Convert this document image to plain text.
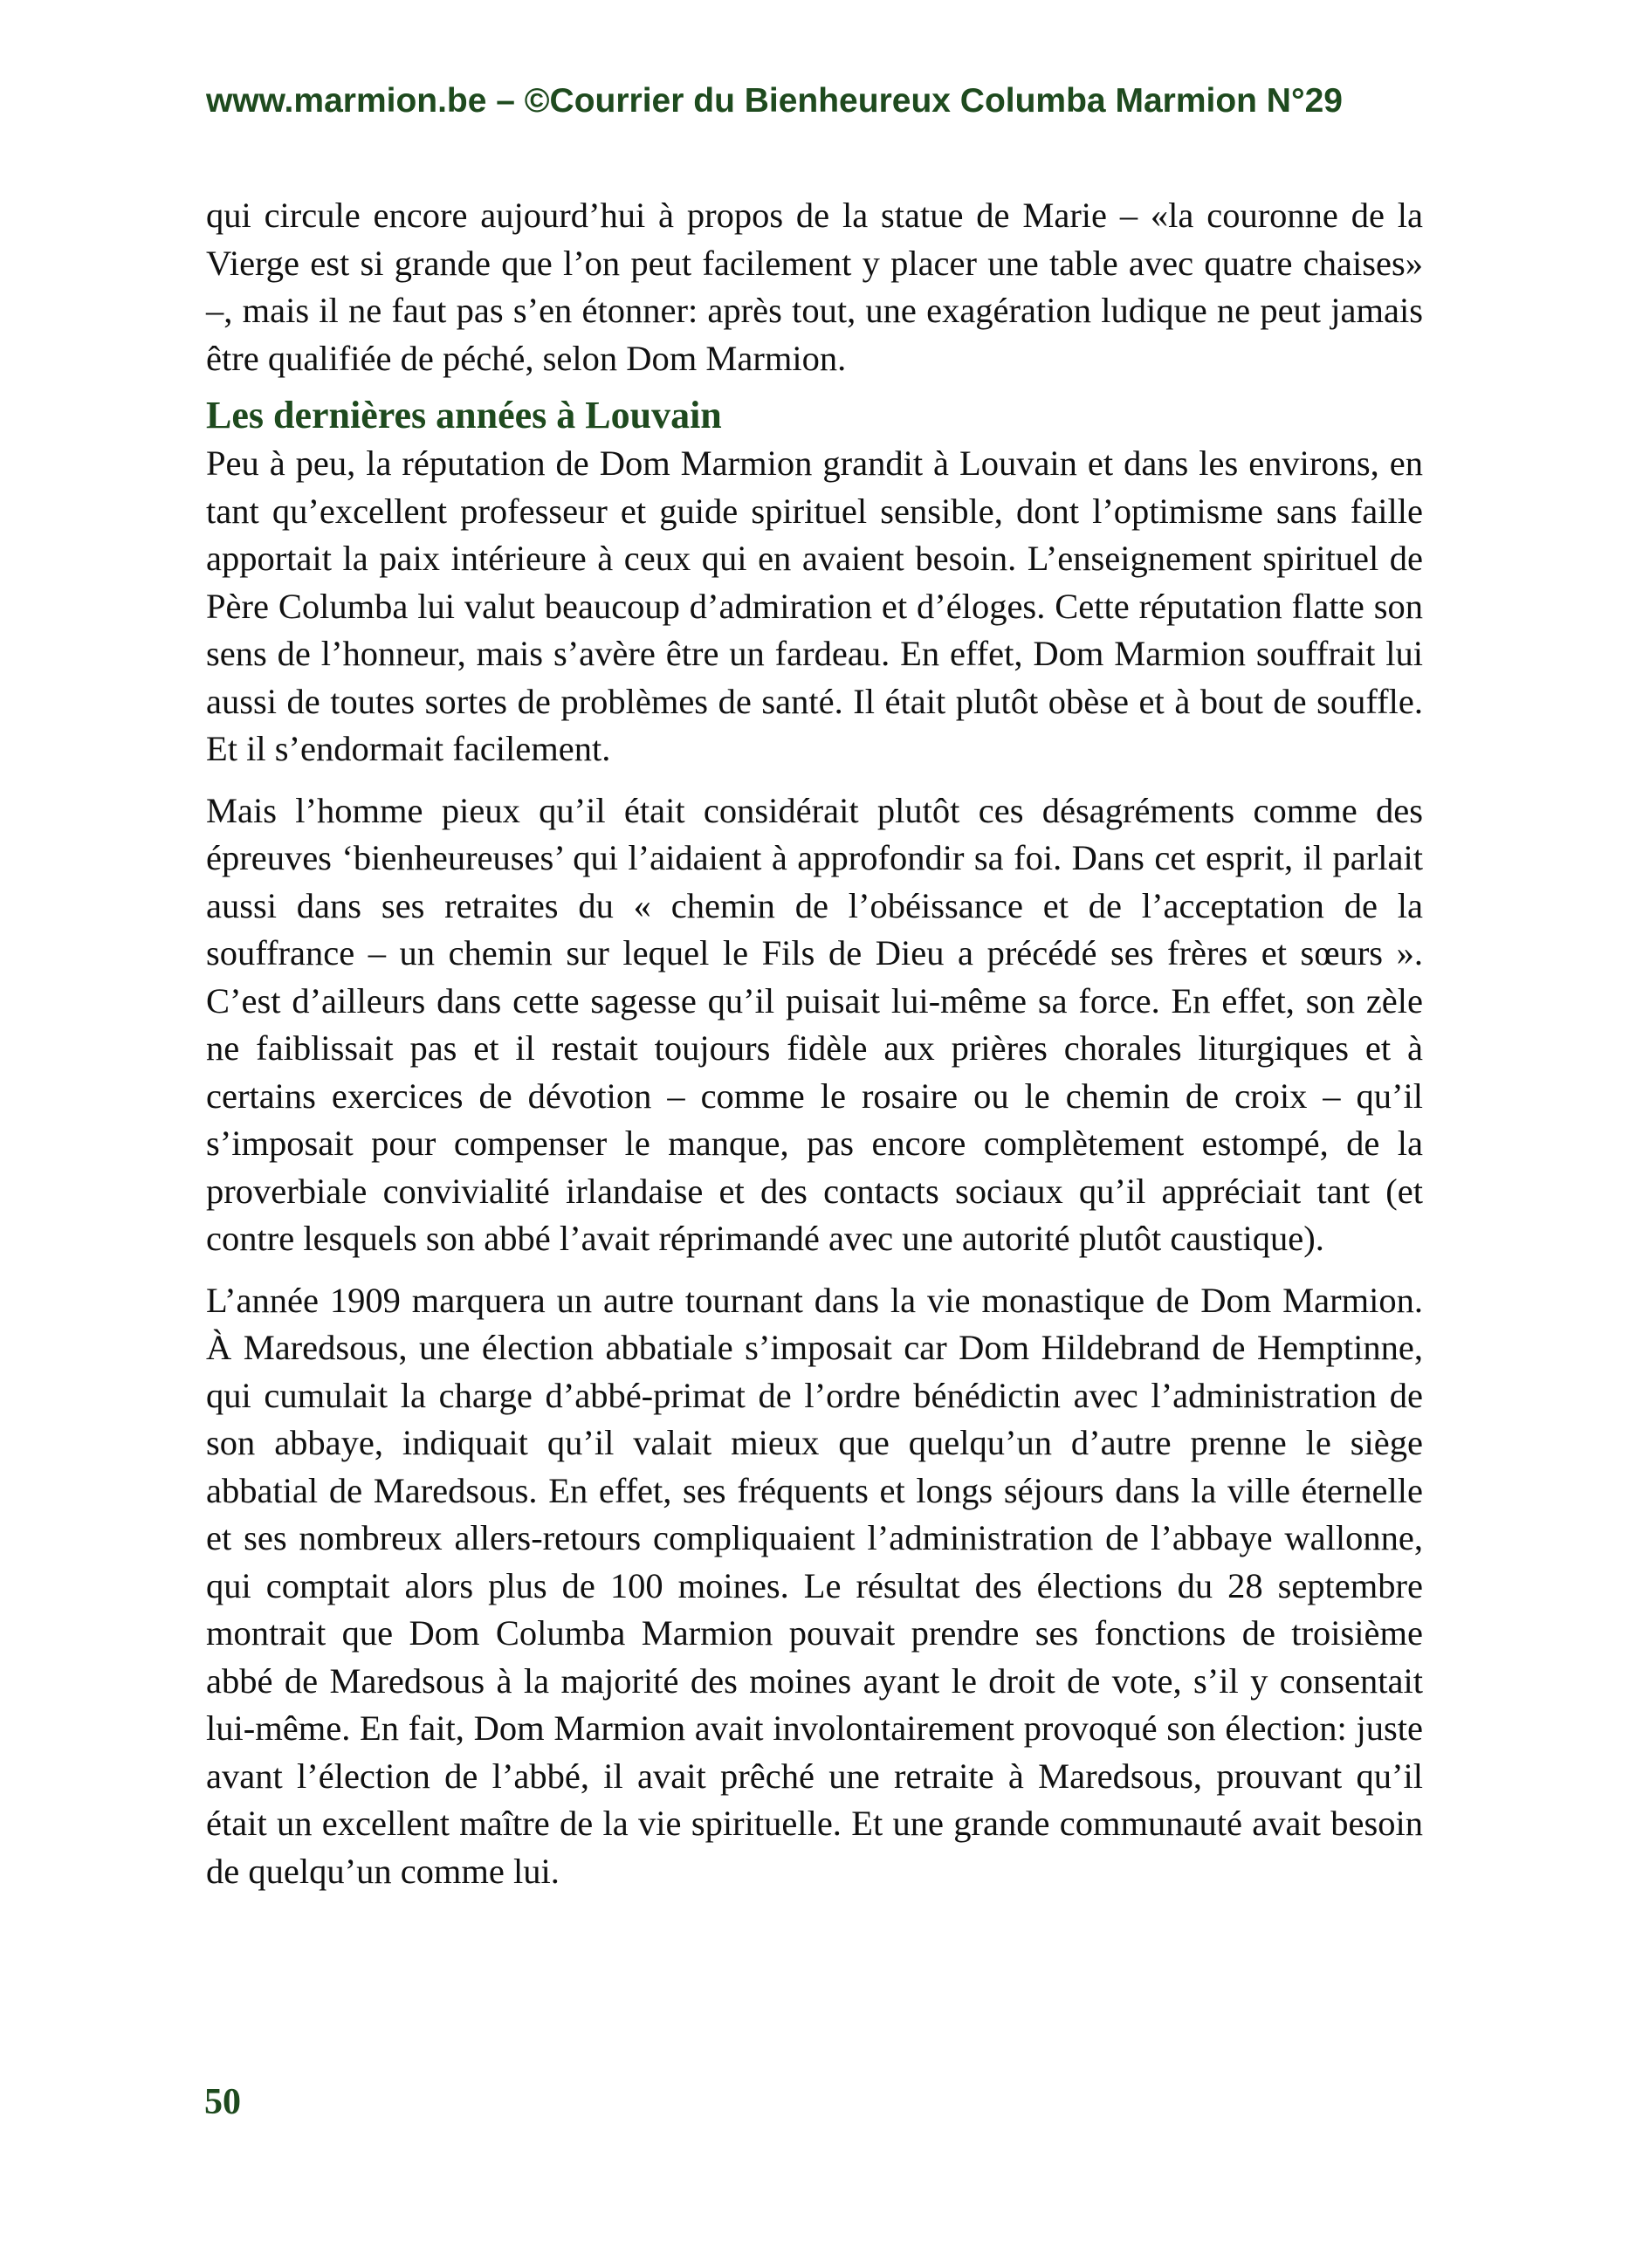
www.marmion.be – ©Courrier du Bienheureux Columba Marmion N°29

qui circule encore aujourd’hui à propos de la statue de Marie – «la couronne de la Vierge est si grande que l’on peut facilement y placer une table avec quatre chaises» –, mais il ne faut pas s’en étonner: après tout, une exagération ludique ne peut jamais être qualifiée de péché, selon Dom Marmion.

Les dernières années à Louvain

Peu à peu, la réputation de Dom Marmion grandit à Louvain et dans les environs, en tant qu’excellent professeur et guide spirituel sensible, dont l’optimisme sans faille apportait la paix intérieure à ceux qui en avaient besoin. L’enseignement spirituel de Père Columba lui valut beaucoup d’admiration et d’éloges. Cette réputation flatte son sens de l’honneur, mais s’avère être un fardeau. En effet, Dom Marmion souffrait lui aussi de toutes sortes de problèmes de santé. Il était plutôt obèse et à bout de souffle. Et il s’endormait facilement.

Mais l’homme pieux qu’il était considérait plutôt ces désagréments comme des épreuves ‘bienheureuses’ qui l’aidaient à approfondir sa foi. Dans cet esprit, il parlait aussi dans ses retraites du « chemin de l’obéissance et de l’acceptation de la souffrance – un chemin sur lequel le Fils de Dieu a précédé ses frères et sœurs ». C’est d’ailleurs dans cette sagesse qu’il puisait lui-même sa force. En effet, son zèle ne faiblissait pas et il restait toujours fidèle aux prières chorales liturgiques et à certains exercices de dévotion – comme le rosaire ou le chemin de croix – qu’il s’imposait pour compenser le manque, pas encore complètement estompé, de la proverbiale convivialité irlandaise et des contacts sociaux qu’il appréciait tant (et contre lesquels son abbé l’avait réprimandé avec une autorité plutôt caustique).

L’année 1909 marquera un autre tournant dans la vie monastique de Dom Marmion. À Maredsous, une élection abbatiale s’imposait car Dom Hildebrand de Hemptinne, qui cumulait la charge d’abbé-primat de l’ordre bénédictin avec l’administration de son abbaye, indiquait qu’il valait mieux que quelqu’un d’autre prenne le siège abbatial de Maredsous. En effet, ses fréquents et longs séjours dans la ville éternelle et ses nombreux allers-retours compliquaient l’administration de l’abbaye wallonne, qui comptait alors plus de 100 moines. Le résultat des élections du 28 septembre montrait que Dom Columba Marmion pouvait prendre ses fonctions de troisième abbé de Maredsous à la majorité des moines ayant le droit de vote, s’il y consentait lui-même. En fait, Dom Marmion avait involontairement provoqué son élection: juste avant l’élection de l’abbé, il avait prêché une retraite à Maredsous, prouvant qu’il était un excellent maître de la vie spirituelle. Et une grande communauté avait besoin de quelqu’un comme lui.

50
